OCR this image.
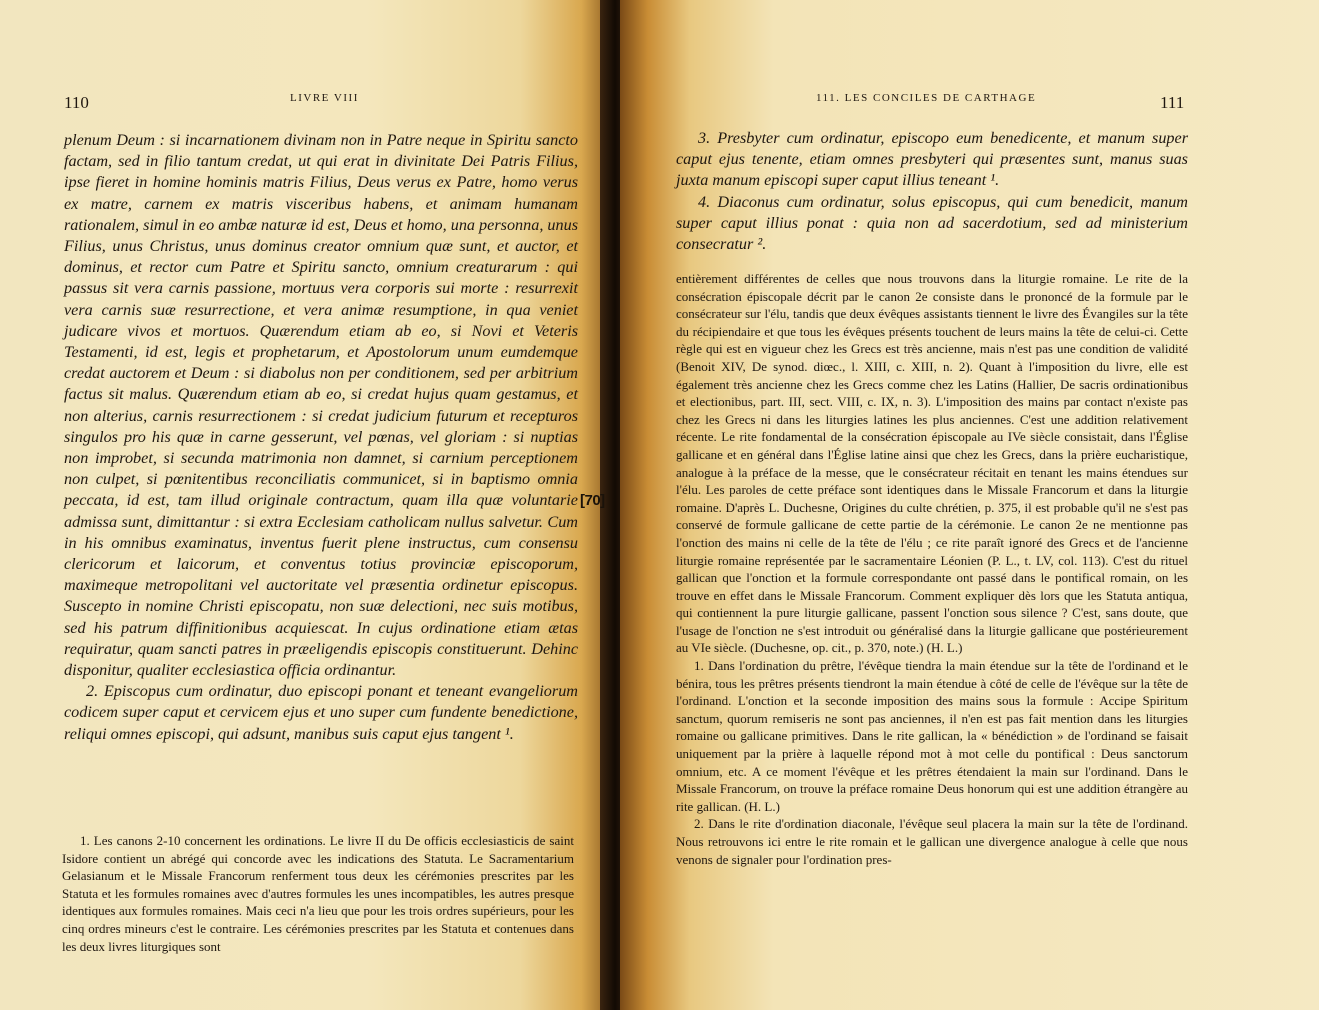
110	LIVRE VIII

plenum Deum : si incarnationem divinam non in Patre neque in Spiritu sancto factam, sed in filio tantum credat, ut qui erat in divinitate Dei Patris Filius, ipse fieret in homine hominis matris Filius, Deus verus ex Patre, homo verus ex matre, carnem ex matris visceribus habens, et animam humanam rationalem, simul in eo ambæ naturæ id est, Deus et homo, una personna, unus Filius, unus Christus, unus dominus creator omnium quæ sunt, et auctor, et dominus, et rector cum Patre et Spiritu sancto, omnium creaturarum : qui passus sit vera carnis passione, mortuus vera corporis sui morte : resurrexit vera carnis suæ resurrectione, et vera animæ resumptione, in qua veniet judicare vivos et mortuos. Quærendum etiam ab eo, si Novi et Veteris Testamenti, id est, legis et prophetarum, et Apostolorum unum eumdemque credat auctorem et Deum : si diabolus non per conditionem, sed per arbitrium factus sit malus. Quærendum etiam ab eo, si credat hujus quam gestamus, et non alterius, carnis resurrectionem : si credat judicium futurum et recepturos singulos pro his quæ in carne gesserunt, vel pœnas, vel gloriam : si nuptias non improbet, si secunda matrimonia non damnet, si carnium perceptionem non culpet, si pœnitentibus reconciliatis communicet, si in baptismo omnia peccata, id est, tam illud originale contractum, quam illa quæ voluntarie admissa sunt, dimittantur : si extra Ecclesiam catholicam nullus salvetur. Cum in his omnibus examinatus, inventus fuerit plene instructus, cum consensu clericorum et laicorum, et conventus totius provinciæ episcoporum, maximeque metropolitani vel auctoritate vel præsentia ordinetur episcopus. Suscepto in nomine Christi episcopatu, non suæ delectioni, nec suis motibus, sed his patrum diffinitionibus acquiescat. In cujus ordinatione etiam ætas requiratur, quam sancti patres in præeligendis episcopis constituerunt. Dehinc disponitur, qualiter ecclesiastica officia ordinantur.

2. Episcopus cum ordinatur, duo episcopi ponant et teneant evangeliorum codicem super caput et cervicem ejus et uno super cum fundente benedictione, reliqui omnes episcopi, qui adsunt, manibus suis caput ejus tangent ¹.

1. Les canons 2-10 concernent les ordinations. Le livre II du De officis ecclesiasticis de saint Isidore contient un abrégé qui concorde avec les indications des Statuta. Le Sacramentarium Gelasianum et le Missale Francorum renferment tous deux les cérémonies prescrites par les Statuta et les formules romaines avec d'autres formules les unes incompatibles, les autres presque identiques aux formules romaines. Mais ceci n'a lieu que pour les trois ordres supérieurs, pour les cinq ordres mineurs c'est le contraire. Les cérémonies prescrites par les Statuta et contenues dans les deux livres liturgiques sont

[70]
111. LES CONCILES DE CARTHAGE	111

3. Presbyter cum ordinatur, episcopo eum benedicente, et manum super caput ejus tenente, etiam omnes presbyteri qui præsentes sunt, manus suas juxta manum episcopi super caput illius teneant ¹.

4. Diaconus cum ordinatur, solus episcopus, qui cum benedicit, manum super caput illius ponat : quia non ad sacerdotium, sed ad ministerium consecratur ².

entièrement différentes de celles que nous trouvons dans la liturgie romaine. Le rite de la consécration épiscopale décrit par le canon 2e consiste dans le prononcé de la formule par le consécrateur sur l'élu, tandis que deux évêques assistants tiennent le livre des Évangiles sur la tête du récipiendaire et que tous les évêques présents touchent de leurs mains la tête de celui-ci. Cette règle qui est en vigueur chez les Grecs est très ancienne, mais n'est pas une condition de validité (Benoit XIV, De synod. diœc., l. XIII, c. XIII, n. 2). Quant à l'imposition du livre, elle est également très ancienne chez les Grecs comme chez les Latins (Hallier, De sacris ordinationibus et electionibus, part. III, sect. VIII, c. IX, n. 3). L'imposition des mains par contact n'existe pas chez les Grecs ni dans les liturgies latines les plus anciennes. C'est une addition relativement récente. Le rite fondamental de la consécration épiscopale au IVe siècle consistait, dans l'Église gallicane et en général dans l'Église latine ainsi que chez les Grecs, dans la prière eucharistique, analogue à la préface de la messe, que le consécrateur récitait en tenant les mains étendues sur l'élu. Les paroles de cette préface sont identiques dans le Missale Francorum et dans la liturgie romaine. D'après L. Duchesne, Origines du culte chrétien, p. 375, il est probable qu'il ne s'est pas conservé de formule gallicane de cette partie de la cérémonie. Le canon 2e ne mentionne pas l'onction des mains ni celle de la tête de l'élu ; ce rite paraît ignoré des Grecs et de l'ancienne liturgie romaine représentée par le sacramentaire Léonien (P. L., t. LV, col. 113). C'est du rituel gallican que l'onction et la formule correspondante ont passé dans le pontifical romain, on les trouve en effet dans le Missale Francorum. Comment expliquer dès lors que les Statuta antiqua, qui contiennent la pure liturgie gallicane, passent l'onction sous silence ? C'est, sans doute, que l'usage de l'onction ne s'est introduit ou généralisé dans la liturgie gallicane que postérieurement au VIe siècle. (Duchesne, op. cit., p. 370, note.) (H. L.)

1. Dans l'ordination du prêtre, l'évêque tiendra la main étendue sur la tête de l'ordinand et le bénira, tous les prêtres présents tiendront la main étendue à côté de celle de l'évêque sur la tête de l'ordinand. L'onction et la seconde imposition des mains sous la formule : Accipe Spiritum sanctum, quorum remiseris ne sont pas anciennes, il n'en est pas fait mention dans les liturgies romaine ou gallicane primitives. Dans le rite gallican, la « bénédiction » de l'ordinand se faisait uniquement par la prière à laquelle répond mot à mot celle du pontifical : Deus sanctorum omnium, etc. A ce moment l'évêque et les prêtres étendaient la main sur l'ordinand. Dans le Missale Francorum, on trouve la préface romaine Deus honorum qui est une addition étrangère au rite gallican. (H. L.)

2. Dans le rite d'ordination diaconale, l'évêque seul placera la main sur la tête de l'ordinand. Nous retrouvons ici entre le rite romain et le gallican une divergence analogue à celle que nous venons de signaler pour l'ordination pres-
